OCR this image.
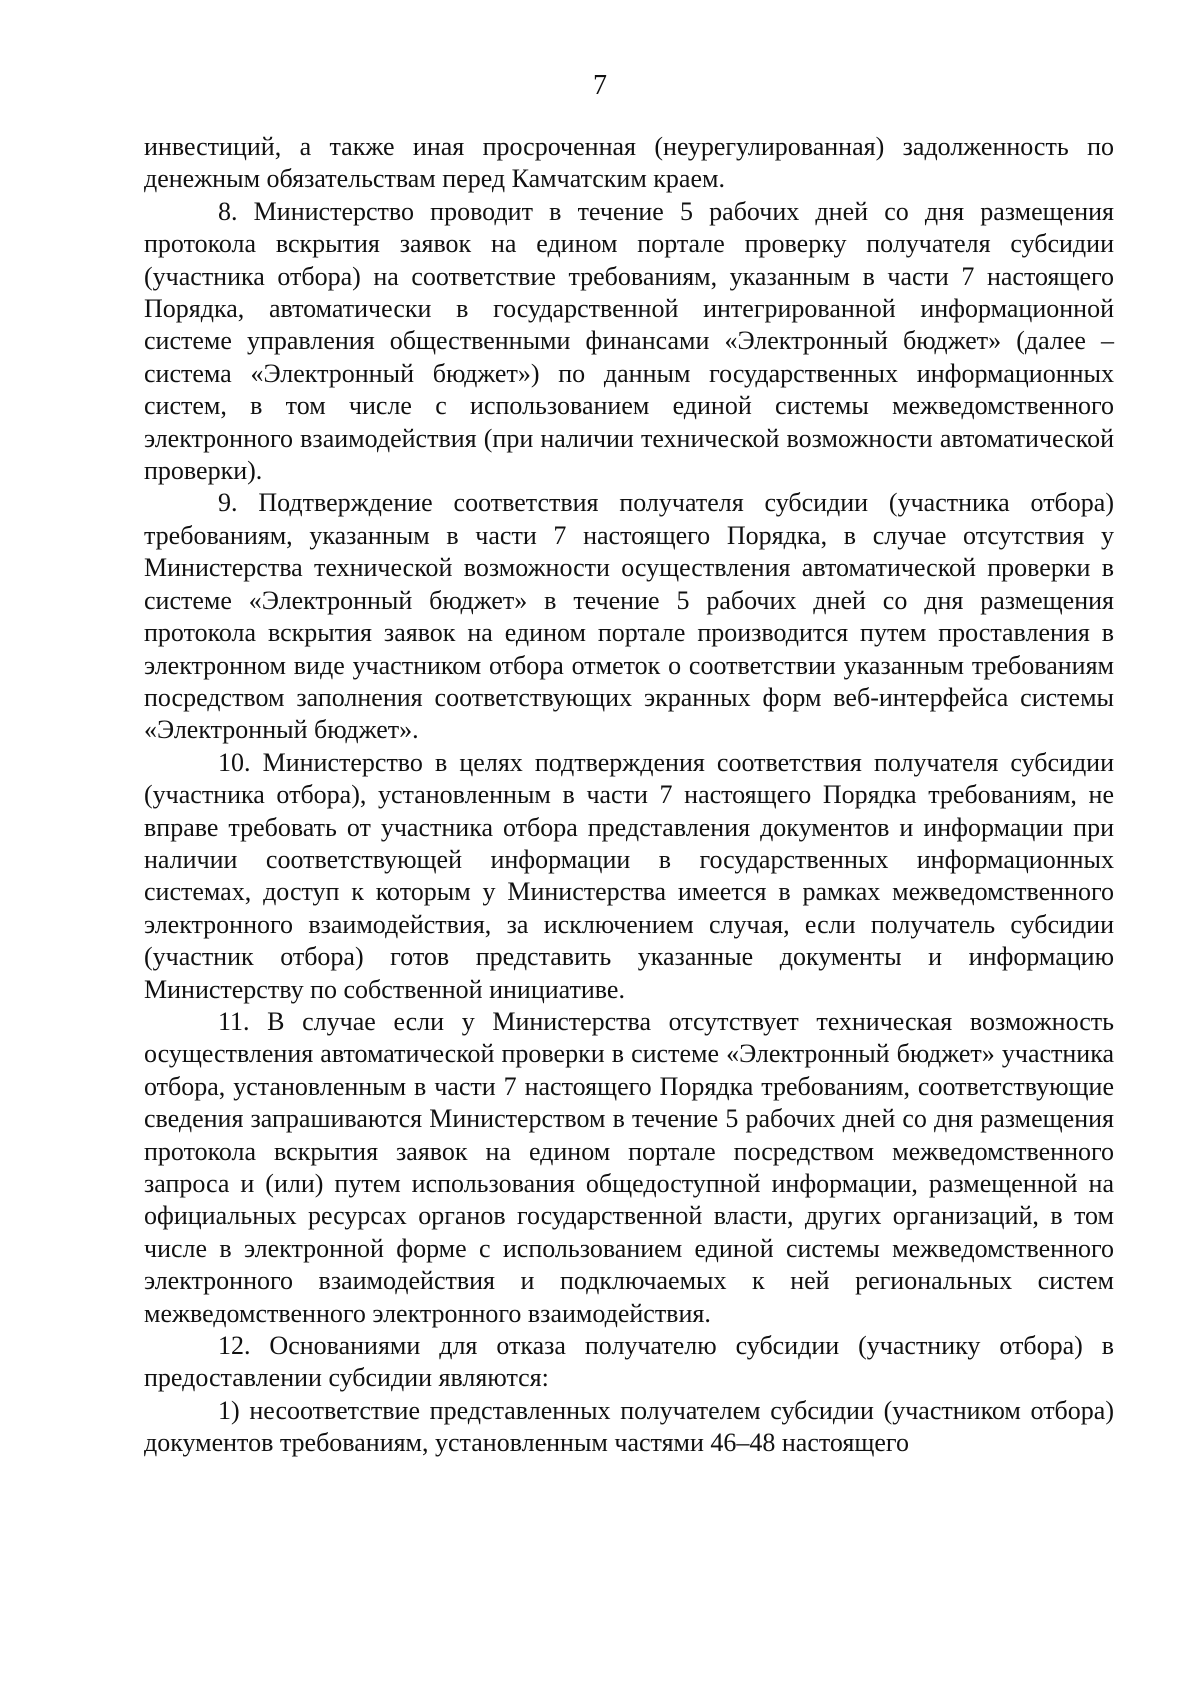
7

инвестиций, а также иная просроченная (неурегулированная) задолженность по денежным обязательствам перед Камчатским краем.

8. Министерство проводит в течение 5 рабочих дней со дня размещения протокола вскрытия заявок на едином портале проверку получателя субсидии (участника отбора) на соответствие требованиям, указанным в части 7 настоящего Порядка, автоматически в государственной интегрированной информационной системе управления общественными финансами «Электронный бюджет» (далее – система «Электронный бюджет») по данным государственных информационных систем, в том числе с использованием единой системы межведомственного электронного взаимодействия (при наличии технической возможности автоматической проверки).

9. Подтверждение соответствия получателя субсидии (участника отбора) требованиям, указанным в части 7 настоящего Порядка, в случае отсутствия у Министерства технической возможности осуществления автоматической проверки в системе «Электронный бюджет» в течение 5 рабочих дней со дня размещения протокола вскрытия заявок на едином портале производится путем проставления в электронном виде участником отбора отметок о соответствии указанным требованиям посредством заполнения соответствующих экранных форм веб-интерфейса системы «Электронный бюджет».

10. Министерство в целях подтверждения соответствия получателя субсидии (участника отбора), установленным в части 7 настоящего Порядка требованиям, не вправе требовать от участника отбора представления документов и информации при наличии соответствующей информации в государственных информационных системах, доступ к которым у Министерства имеется в рамках межведомственного электронного взаимодействия, за исключением случая, если получатель субсидии (участник отбора) готов представить указанные документы и информацию Министерству по собственной инициативе.

11. В случае если у Министерства отсутствует техническая возможность осуществления автоматической проверки в системе «Электронный бюджет» участника отбора, установленным в части 7 настоящего Порядка требованиям, соответствующие сведения запрашиваются Министерством в течение 5 рабочих дней со дня размещения протокола вскрытия заявок на едином портале посредством межведомственного запроса и (или) путем использования общедоступной информации, размещенной на официальных ресурсах органов государственной власти, других организаций, в том числе в электронной форме с использованием единой системы межведомственного электронного взаимодействия и подключаемых к ней региональных систем межведомственного электронного взаимодействия.

12. Основаниями для отказа получателю субсидии (участнику отбора) в предоставлении субсидии являются:

1) несоответствие представленных получателем субсидии (участником отбора) документов требованиям, установленным частями 46–48 настоящего
